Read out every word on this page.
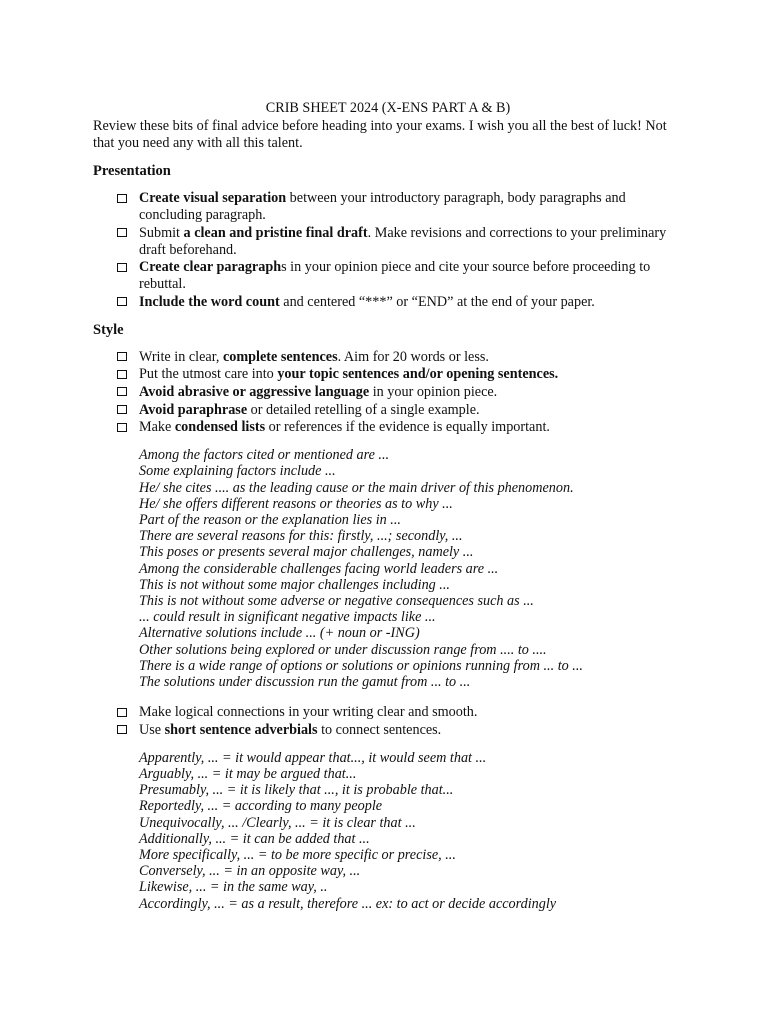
CRIB SHEET 2024 (X-ENS PART A & B)
Review these bits of final advice before heading into your exams. I wish you all the best of luck! Not that you need any with all this talent.
Presentation
Create visual separation between your introductory paragraph, body paragraphs and concluding paragraph.
Submit a clean and pristine final draft. Make revisions and corrections to your preliminary draft beforehand.
Create clear paragraphs in your opinion piece and cite your source before proceeding to rebuttal.
Include the word count and centered “***” or “END” at the end of your paper.
Style
Write in clear, complete sentences. Aim for 20 words or less.
Put the utmost care into your topic sentences and/or opening sentences.
Avoid abrasive or aggressive language in your opinion piece.
Avoid paraphrase or detailed retelling of a single example.
Make condensed lists or references if the evidence is equally important.
Among the factors cited or mentioned are ...
Some explaining factors include ...
He/ she cites .... as the leading cause or the main driver of this phenomenon.
He/ she offers different reasons or theories as to why ...
Part of the reason or the explanation lies in ...
There are several reasons for this: firstly, ...; secondly, ...
This poses or presents several major challenges, namely ...
Among the considerable challenges facing world leaders are ...
This is not without some major challenges including ...
This is not without some adverse or negative consequences such as ...
... could result in significant negative impacts like ...
Alternative solutions include ... (+ noun or -ING)
Other solutions being explored or under discussion range from .... to ....
There is a wide range of options or solutions or opinions running from ... to ...
The solutions under discussion run the gamut from ... to ...
Make logical connections in your writing clear and smooth.
Use short sentence adverbials to connect sentences.
Apparently, ... = it would appear that..., it would seem that ...
Arguably, ... = it may be argued that...
Presumably, ... = it is likely that ..., it is probable that...
Reportedly, ... = according to many people
Unequivocally, ... /Clearly, ... = it is clear that ...
Additionally, ... = it can be added that ...
More specifically, ... = to be more specific or precise, ...
Conversely, ... = in an opposite way, ...
Likewise, ... = in the same way, ..
Accordingly, ... = as a result, therefore ... ex: to act or decide accordingly
